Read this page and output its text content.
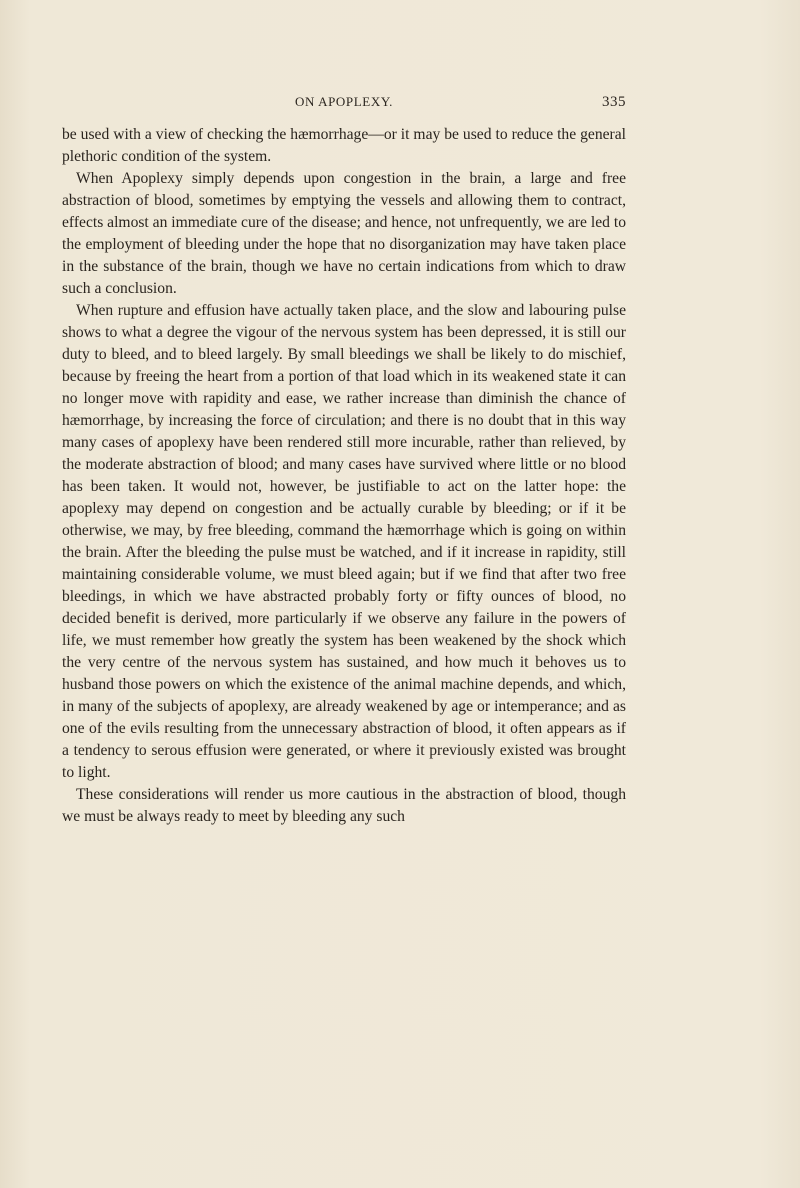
ON APOPLEXY.	335

be used with a view of checking the hæmorrhage—or it may be used to reduce the general plethoric condition of the system.

When Apoplexy simply depends upon congestion in the brain, a large and free abstraction of blood, sometimes by emptying the vessels and allowing them to contract, effects almost an immediate cure of the disease; and hence, not unfrequently, we are led to the employment of bleeding under the hope that no disorganization may have taken place in the substance of the brain, though we have no certain indications from which to draw such a conclusion.

When rupture and effusion have actually taken place, and the slow and labouring pulse shows to what a degree the vigour of the nervous system has been depressed, it is still our duty to bleed, and to bleed largely. By small bleedings we shall be likely to do mischief, because by freeing the heart from a portion of that load which in its weakened state it can no longer move with rapidity and ease, we rather increase than diminish the chance of hæmorrhage, by increasing the force of circulation; and there is no doubt that in this way many cases of apoplexy have been rendered still more incurable, rather than relieved, by the moderate abstraction of blood; and many cases have survived where little or no blood has been taken. It would not, however, be justifiable to act on the latter hope: the apoplexy may depend on congestion and be actually curable by bleeding; or if it be otherwise, we may, by free bleeding, command the hæmorrhage which is going on within the brain. After the bleeding the pulse must be watched, and if it increase in rapidity, still maintaining considerable volume, we must bleed again; but if we find that after two free bleedings, in which we have abstracted probably forty or fifty ounces of blood, no decided benefit is derived, more particularly if we observe any failure in the powers of life, we must remember how greatly the system has been weakened by the shock which the very centre of the nervous system has sustained, and how much it behoves us to husband those powers on which the existence of the animal machine depends, and which, in many of the subjects of apoplexy, are already weakened by age or intemperance; and as one of the evils resulting from the unnecessary abstraction of blood, it often appears as if a tendency to serous effusion were generated, or where it previously existed was brought to light.

These considerations will render us more cautious in the abstraction of blood, though we must be always ready to meet by bleeding any such
